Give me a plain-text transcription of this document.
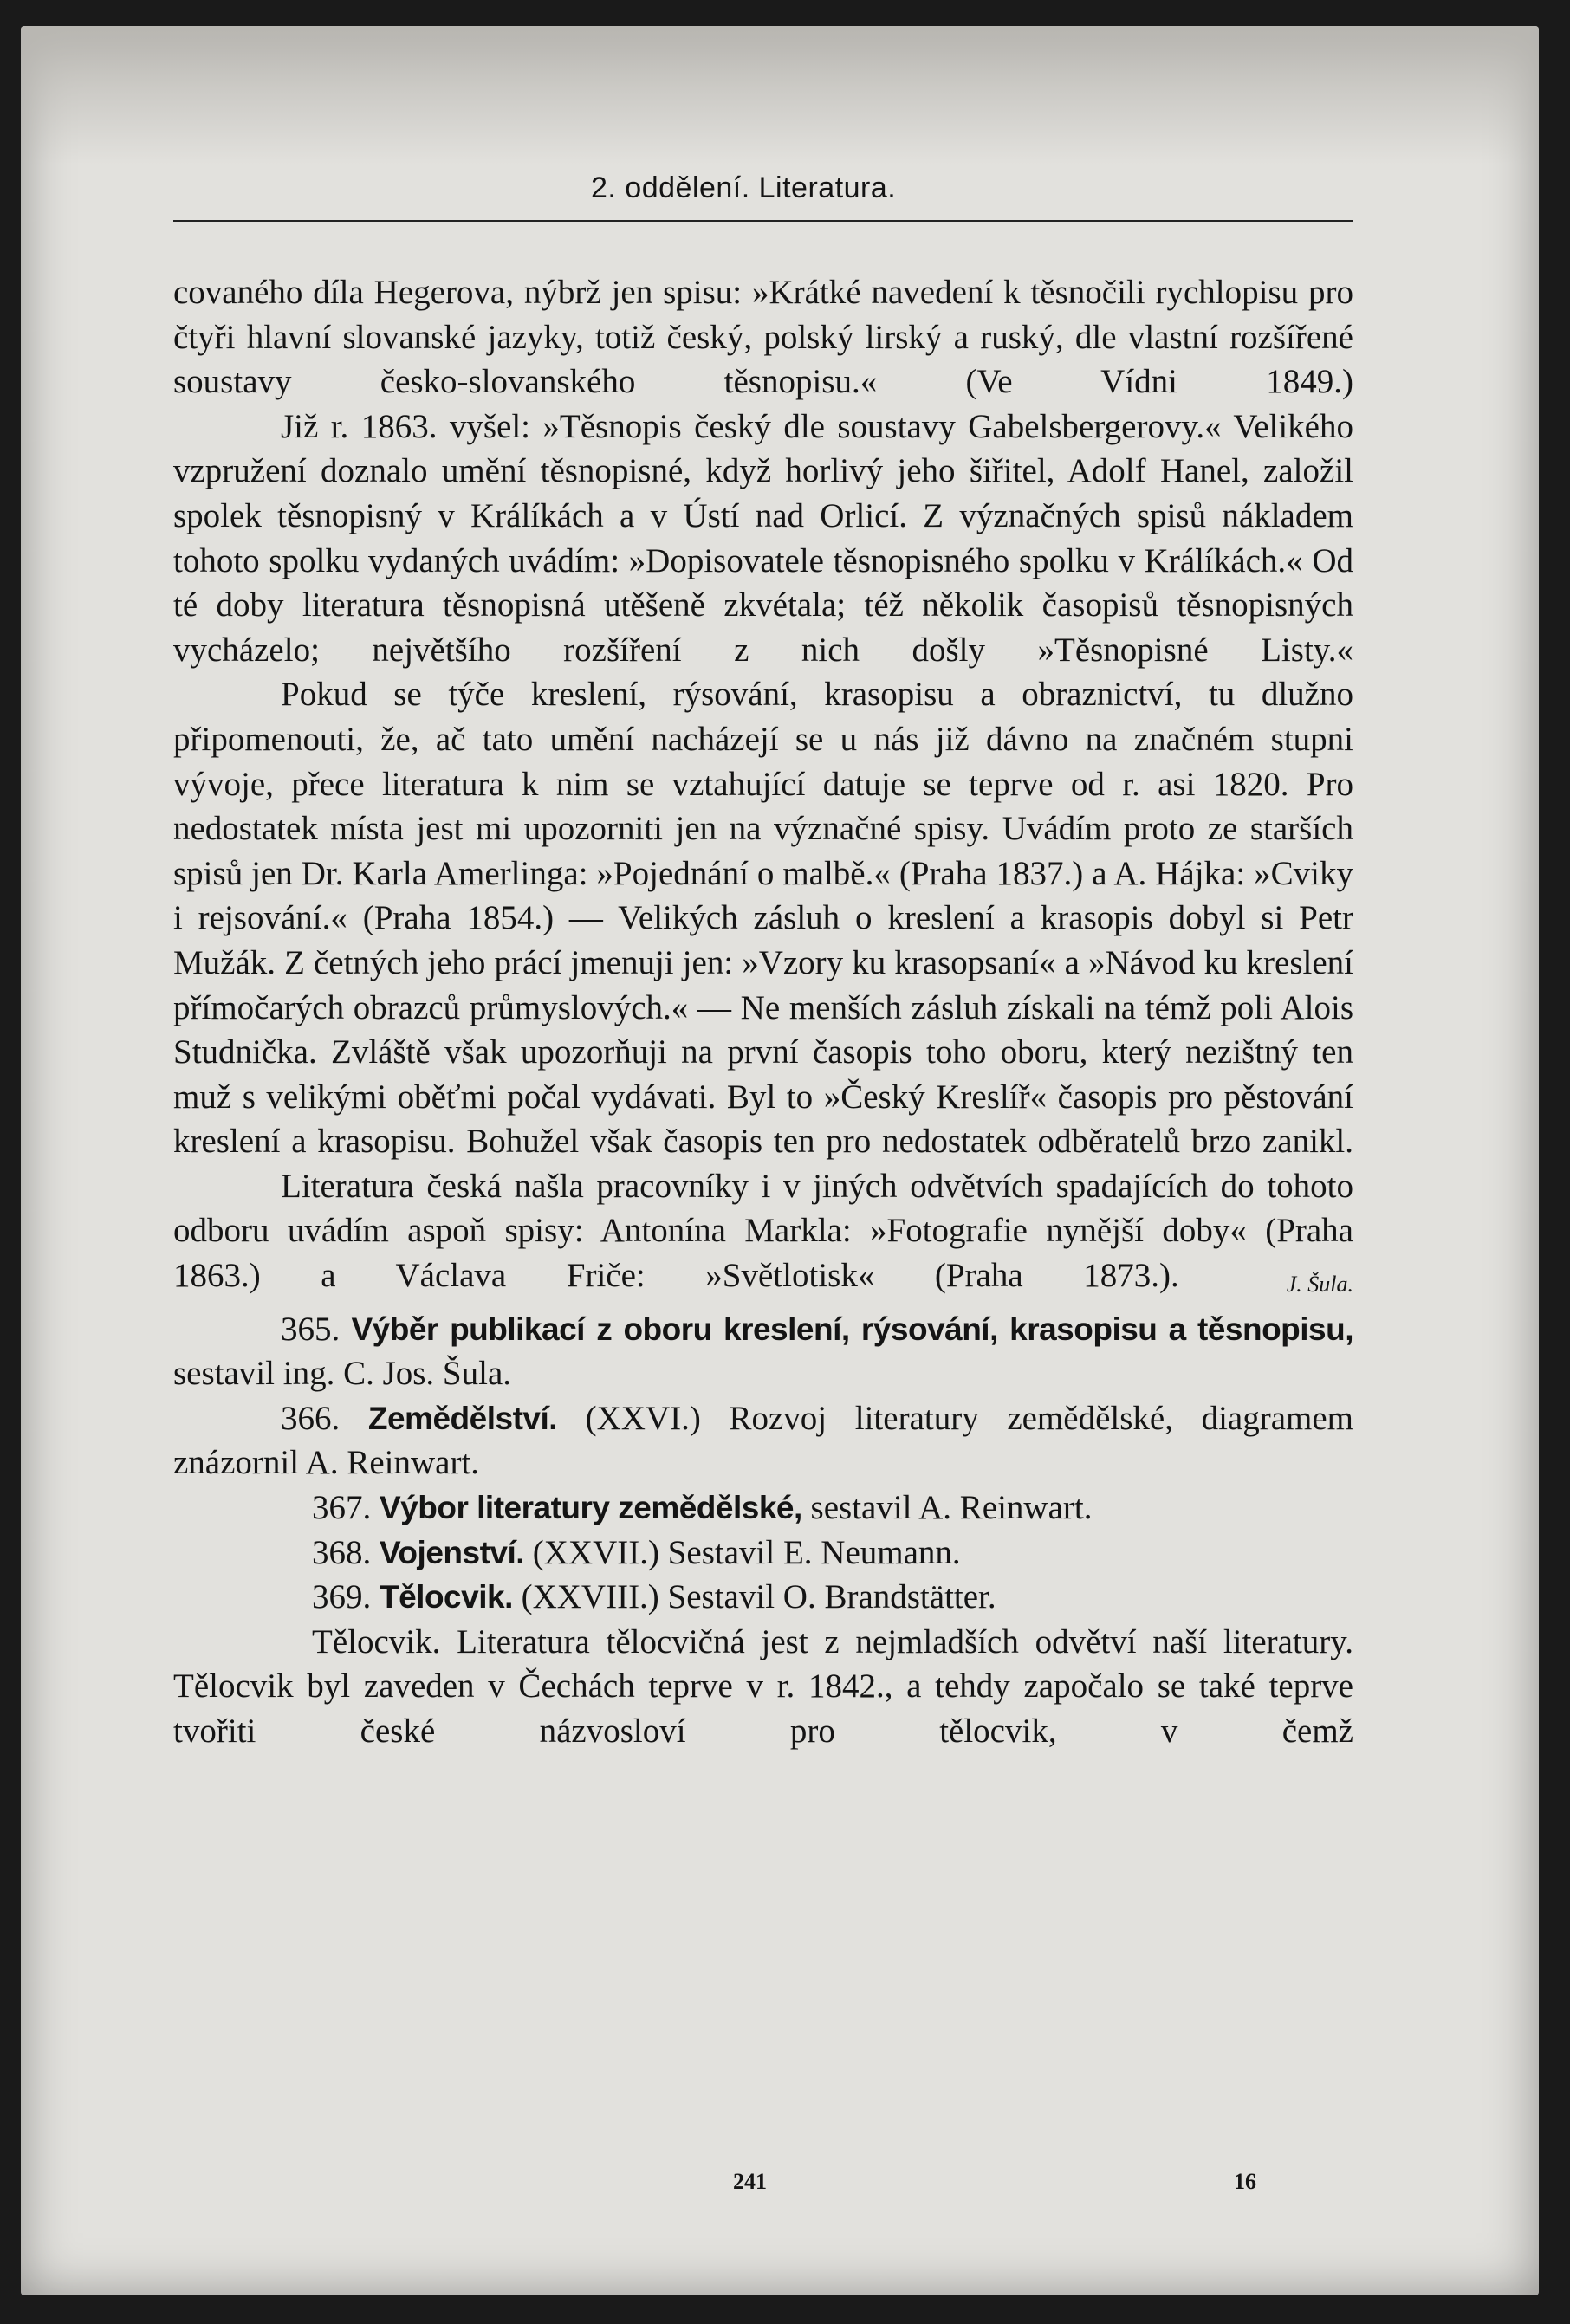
2. oddělení. Literatura.
covaného díla Hegerova, nýbrž jen spisu: »Krátké navedení k těsnočili rychlopisu pro čtyři hlavní slovanské jazyky, totiž český, polský lirský a ruský, dle vlastní rozšířené soustavy česko-slovanského těsnopisu.« (Ve Vídni 1849.)
Již r. 1863. vyšel: »Těsnopis český dle soustavy Gabelsbergerovy.« Velikého vzpružení doznalo umění těsnopisné, když horlivý jeho šiřitel, Adolf Hanel, založil spolek těsnopisný v Králíkách a v Ústí nad Orlicí. Z význačných spisů nákladem tohoto spolku vydaných uvádím: »Dopisovatele těsnopisného spolku v Králíkách.« Od té doby literatura těsnopisná utěšeně zkvétala; též několik časopisů těsnopisných vycházelo; největšího rozšíření z nich došly »Těsnopisné Listy.«
Pokud se týče kreslení, rýsování, krasopisu a obraznictví, tu dlužno připomenouti, že, ač tato umění nacházejí se u nás již dávno na značném stupni vývoje, přece literatura k nim se vztahující datuje se teprve od r. asi 1820. Pro nedostatek místa jest mi upozorniti jen na význačné spisy. Uvádím proto ze starších spisů jen Dr. Karla Amerlinga: »Pojednání o malbě.« (Praha 1837.) a A. Hájka: »Cviky i rejsování.« (Praha 1854.) — Velikých zásluh o kreslení a krasopis dobyl si Petr Mužák. Z četných jeho prácí jmenuji jen: »Vzory ku krasopsaní« a »Návod ku kreslení přímočarých obrazců průmyslových.« — Ne menších zásluh získali na témž poli Alois Studnička. Zvláště však upozorňuji na první časopis toho oboru, který nezištný ten muž s velikými oběťmi počal vydávati. Byl to »Český Kreslíř« časopis pro pěstování kreslení a krasopisu. Bohužel však časopis ten pro nedostatek odběratelů brzo zanikl.
Literatura česká našla pracovníky i v jiných odvětvích spadajících do tohoto odboru uvádím aspoň spisy: Antonína Markla: »Fotografie nynější doby« (Praha 1863.) a Václava Friče: »Světlotisk« (Praha 1873.).	J. Šula.
365. Výběr publikací z oboru kreslení, rýsování, krasopisu a těsnopisu, sestavil ing. C. Jos. Šula.
366. Zemědělství. (XXVI.) Rozvoj literatury zemědělské, diagramem znázornil A. Reinwart.
367. Výbor literatury zemědělské, sestavil A. Reinwart.
368. Vojenství. (XXVII.) Sestavil E. Neumann.
369. Tělocvik. (XXVIII.) Sestavil O. Brandstätter.
Tělocvik. Literatura tělocvičná jest z nejmladších odvětví naší literatury. Tělocvik byl zaveden v Čechách teprve v r. 1842., a tehdy započalo se také teprve tvořiti české názvosloví pro tělocvik, v čemž
241	16
